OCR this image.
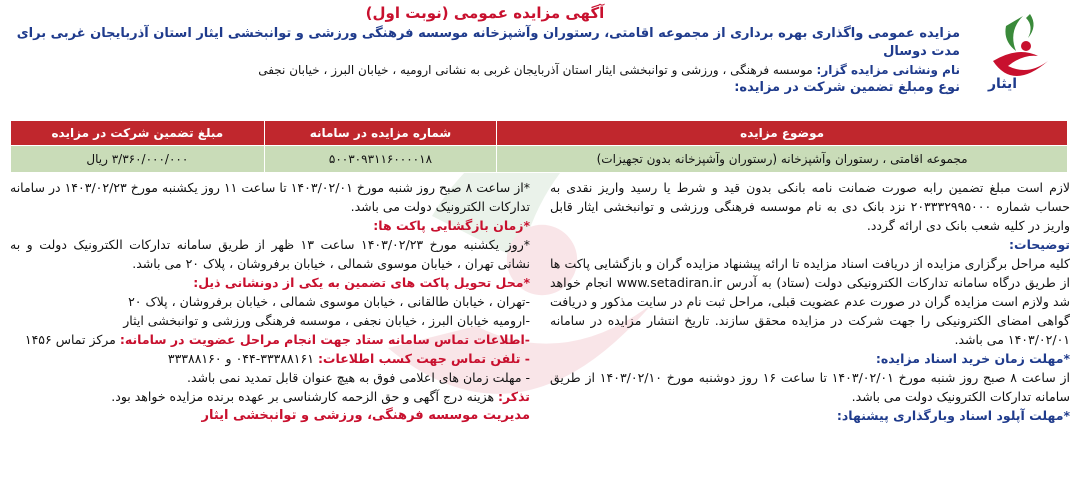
ایثار
آگهی مزایده عمومی (نوبت اول)
مزایده عمومی واگذاری بهره برداری از مجموعه اقامتی، رستوران وآشپزخانه موسسه فرهنگی ورزشی و توانبخشی ایثار استان آذربایجان غربی برای مدت دوسال
نام ونشانی مزایده گزار: موسسه فرهنگی ، ورزشی و توانبخشی ایثار استان آذربایجان غربی به نشانی ارومیه ، خیابان البرز ، خیابان نجفی
نوع ومبلغ تضمین شرکت در مزایده:
موضوع مزایده	شماره مزایده در سامانه	مبلغ تضمین شرکت در مزایده
مجموعه اقامتی ، رستوران وآشپزخانه (رستوران وآشپزخانه بدون تجهیزات)	۵۰۰۳۰۹۳۱۱۶۰۰۰۰۱۸	۳/۳۶۰/۰۰۰/۰۰۰ ریال

لازم است مبلغ تضمین رابه صورت ضمانت نامه بانکی بدون قید و شرط یا رسید واریز نقدی به حساب شماره ۲۰۳۳۳۲۹۹۵۰۰۰ نزد بانک دی به نام موسسه فرهنگی ورزشی و توانبخشی ایثار قابل واریز در کلیه شعب بانک دی ارائه گردد.

توضیحات:

کلیه مراحل برگزاری مزایده از دریافت اسناد مزایده تا ارائه پیشنهاد مزایده گران و بازگشایی پاکت ها از طریق درگاه سامانه تدارکات الکترونیکی دولت (ستاد) به آدرس www.setadiran.ir انجام خواهد شد ولازم است مزایده گران در صورت عدم عضویت قبلی، مراحل ثبت نام در سایت مذکور و دریافت گواهی امضای الکترونیکی را جهت شرکت در مزایده محقق سازند. تاریخ انتشار مزایده در سامانه ۱۴۰۳/۰۲/۰۱ می باشد.

*مهلت زمان خرید اسناد مزایده:

از ساعت ۸ صبح روز شنبه مورخ ۱۴۰۳/۰۲/۰۱ تا ساعت ۱۶ روز دوشنبه مورخ ۱۴۰۳/۰۲/۱۰ از طریق سامانه تدارکات الکترونیک دولت می باشد.

*مهلت آپلود اسناد وبارگذاری پیشنهاد:

*از ساعت ۸ صبح روز شنبه مورخ ۱۴۰۳/۰۲/۰۱ تا ساعت ۱۱ روز یکشنبه مورخ ۱۴۰۳/۰۲/۲۳ در سامانه تدارکات الکترونیک دولت می باشد.

*زمان بازگشایی پاکت ها:

*روز یکشنبه مورخ ۱۴۰۳/۰۲/۲۳ ساعت ۱۳ ظهر از طریق سامانه تدارکات الکترونیک دولت و به نشانی تهران ، خیابان موسوی شمالی ، خیابان برفروشان ، پلاک ۲۰ می باشد.

*محل تحویل پاکت های تضمین به یکی از دونشانی ذیل:

-تهران ، خیابان طالقانی ، خیابان موسوی شمالی ، خیابان برفروشان ، پلاک ۲۰

-ارومیه خیابان البرز ، خیابان نجفی ، موسسه فرهنگی ورزشی و توانبخشی ایثار

-اطلاعات تماس سامانه ستاد جهت انجام مراحل عضویت در سامانه: مرکز تماس ۱۴۵۶

- تلفن تماس جهت کسب اطلاعات: ۳۳۳۸۸۱۶۱-۰۴۴ و ۳۳۳۸۸۱۶۰

- مهلت زمان های اعلامی فوق به هیچ عنوان قابل تمدید نمی باشد.

تذکر: هزینه درج آگهی و حق الزحمه کارشناسی بر عهده برنده مزایده خواهد بود.

مدیریت موسسه فرهنگی، ورزشی و توانبخشی ایثار
